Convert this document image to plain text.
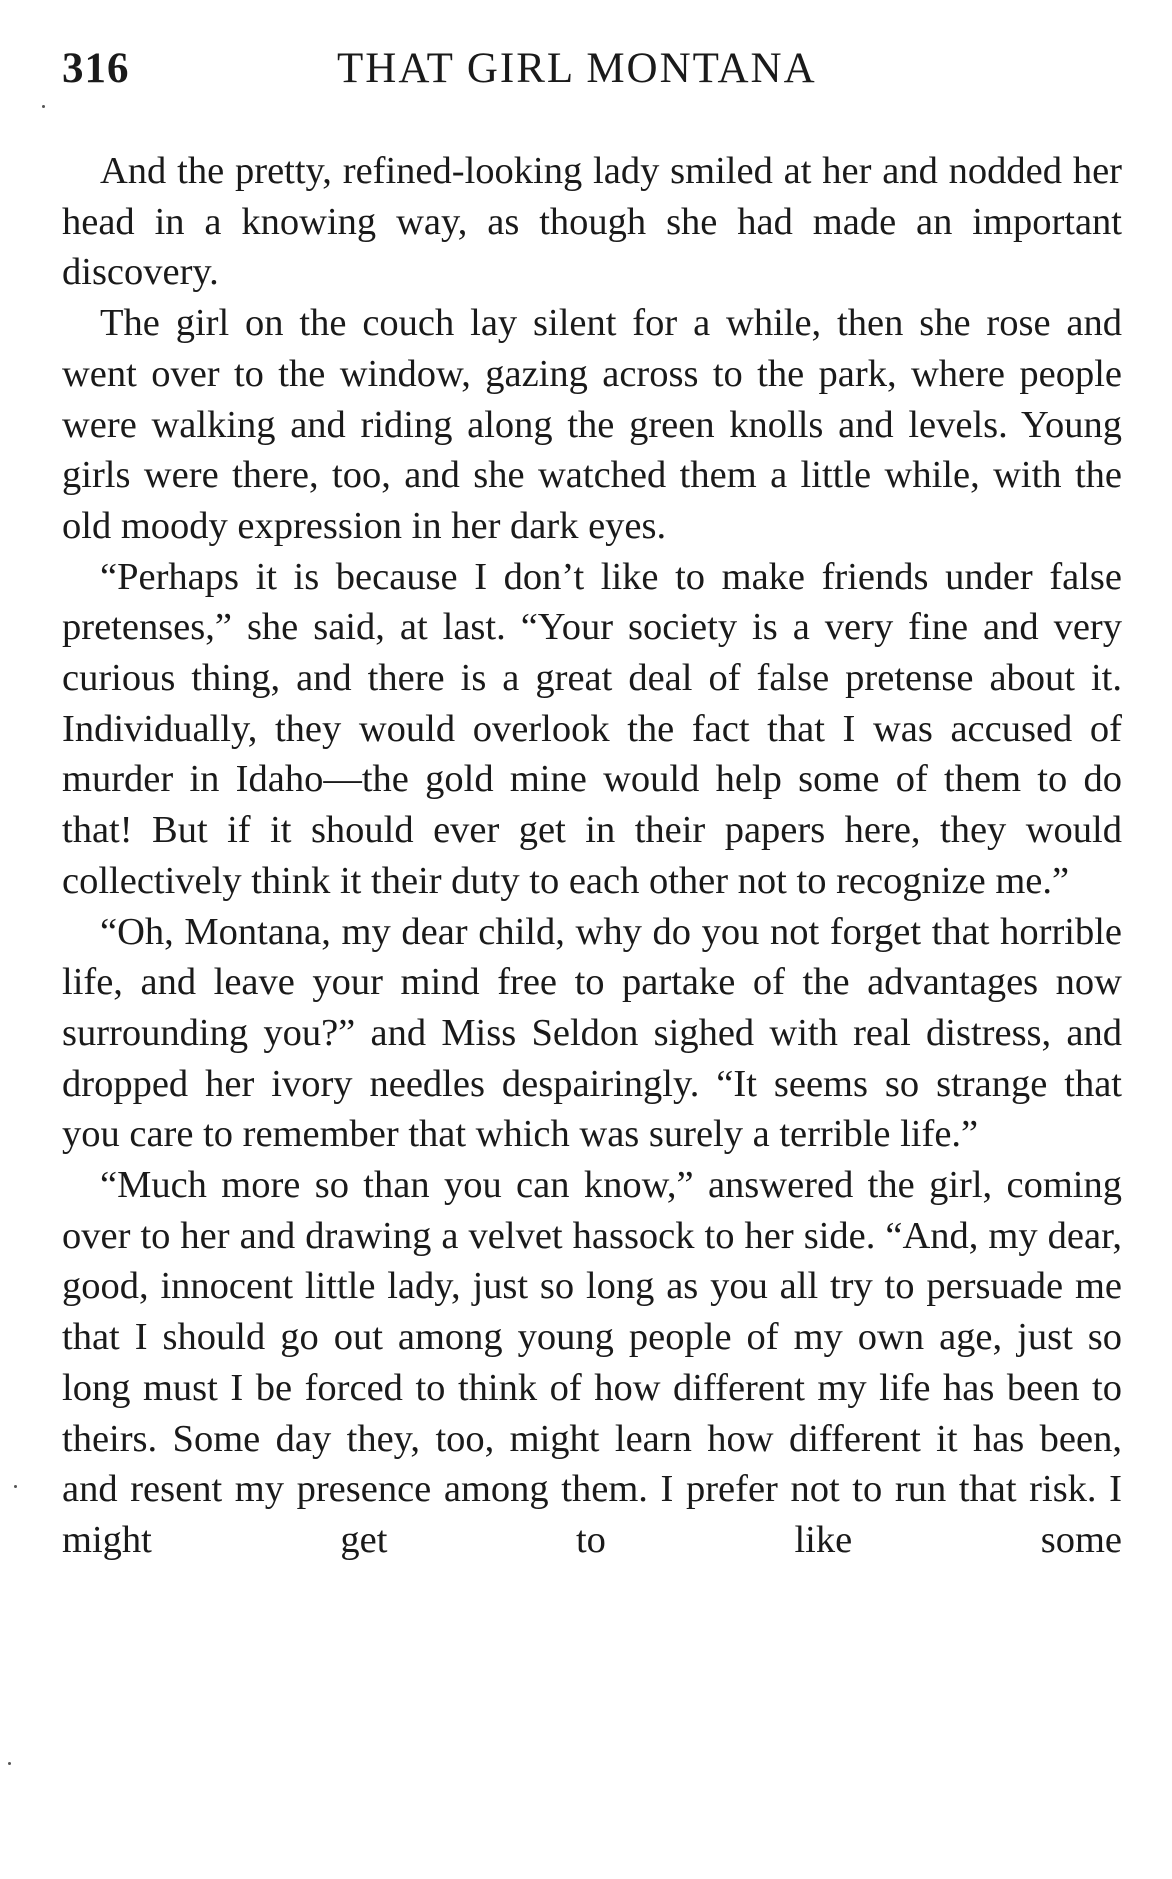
316	THAT GIRL MONTANA

And the pretty, refined-looking lady smiled at her and nodded her head in a knowing way, as though she had made an important discovery.

The girl on the couch lay silent for a while, then she rose and went over to the window, gazing across to the park, where people were walking and riding along the green knolls and levels. Young girls were there, too, and she watched them a little while, with the old moody expression in her dark eyes.

“Perhaps it is because I don’t like to make friends under false pretenses,” she said, at last. “Your society is a very fine and very curious thing, and there is a great deal of false pretense about it. Individually, they would overlook the fact that I was accused of murder in Idaho—the gold mine would help some of them to do that! But if it should ever get in their papers here, they would collectively think it their duty to each other not to recognize me.”

“Oh, Montana, my dear child, why do you not forget that horrible life, and leave your mind free to partake of the advantages now surrounding you?” and Miss Seldon sighed with real distress, and dropped her ivory needles despairingly. “It seems so strange that you care to remember that which was surely a terrible life.”

“Much more so than you can know,” answered the girl, coming over to her and drawing a velvet hassock to her side. “And, my dear, good, innocent little lady, just so long as you all try to persuade me that I should go out among young people of my own age, just so long must I be forced to think of how different my life has been to theirs. Some day they, too, might learn how different it has been, and resent my presence among them. I prefer not to run that risk. I might get to like some
